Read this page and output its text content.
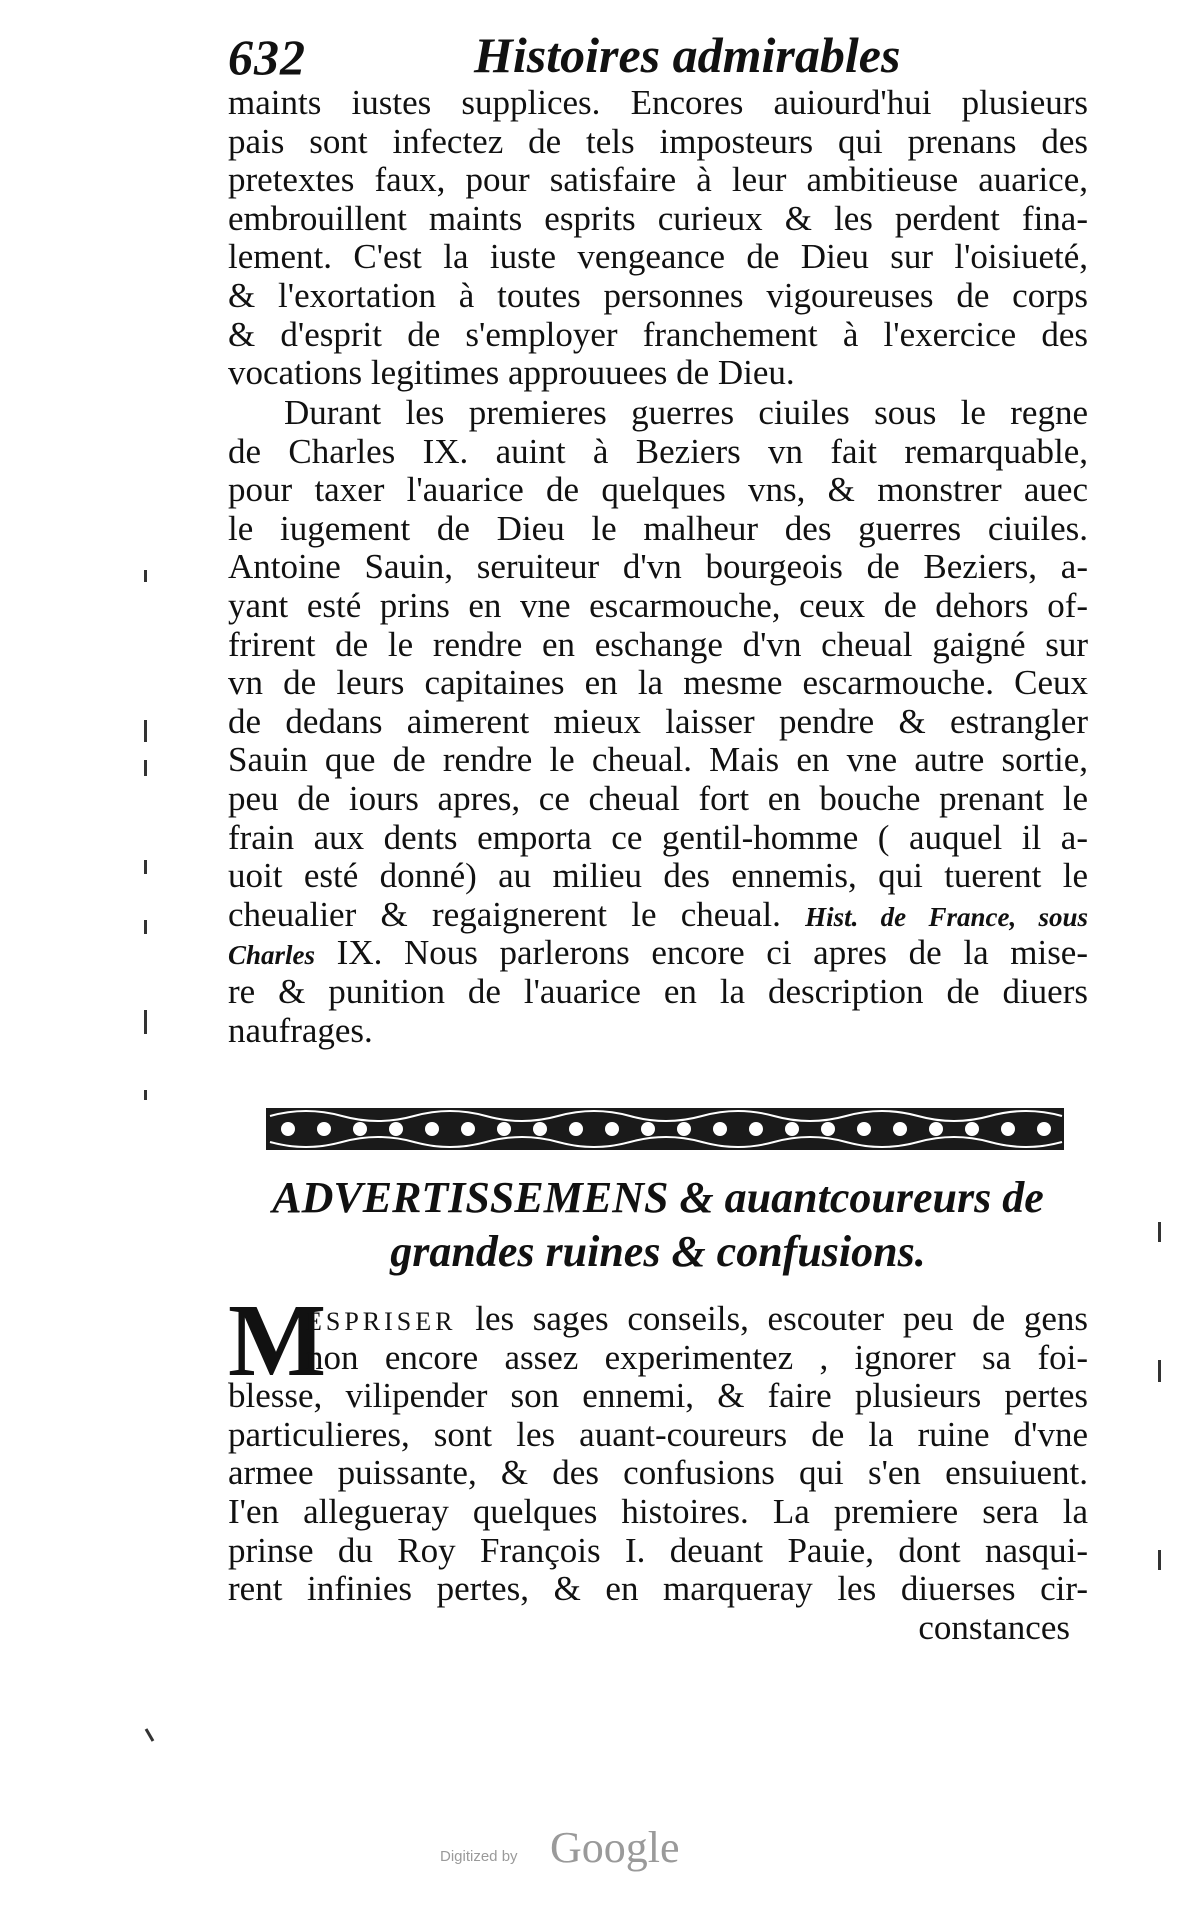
632	Histoires admirables
maints iustes supplices. Encores auiourd'hui plusieurs
pais sont infectez de tels imposteurs qui prenans des
pretextes faux, pour satisfaire à leur ambitieuse auarice,
embrouillent maints esprits curieux & les perdent fina-
lement. C'est la iuste vengeance de Dieu sur l'oisiueté,
& l'exortation à toutes personnes vigoureuses de corps
& d'esprit de s'employer franchement à l'exercice des
vocations legitimes approuuees de Dieu.
Durant les premieres guerres ciuiles sous le regne
de Charles IX. auint à Beziers vn fait remarquable,
pour taxer l'auarice de quelques vns, & monstrer auec
le iugement de Dieu le malheur des guerres ciuiles.
Antoine Sauin, seruiteur d'vn bourgeois de Beziers, a-
yant esté prins en vne escarmouche, ceux de dehors of-
frirent de le rendre en eschange d'vn cheual gaigné sur
vn de leurs capitaines en la mesme escarmouche. Ceux
de dedans aimerent mieux laisser pendre & estrangler
Sauin que de rendre le cheual. Mais en vne autre sortie,
peu de iours apres, ce cheual fort en bouche prenant le
frain aux dents emporta ce gentil-homme ( auquel il a-
uoit esté donné) au milieu des ennemis, qui tuerent le
cheualier & regaignerent le cheual. Hist. de France, sous
Charles IX. Nous parlerons encore ci apres de la mise-
re & punition de l'auarice en la description de diuers
naufrages.
ADVERTISSEMENS & auantcoureurs de
grandes ruines & confusions.
M
ESPRISER les sages conseils, escouter peu de gens
non encore assez experimentez , ignorer sa foi-
blesse, vilipender son ennemi, & faire plusieurs pertes
particulieres, sont les auant-coureurs de la ruine d'vne
armee puissante, & des confusions qui s'en ensuiuent.
I'en allegueray quelques histoires. La premiere sera la
prinse du Roy François I. deuant Pauie, dont nasqui-
rent infinies pertes, & en marqueray les diuerses cir-
constances
Digitized by Google
